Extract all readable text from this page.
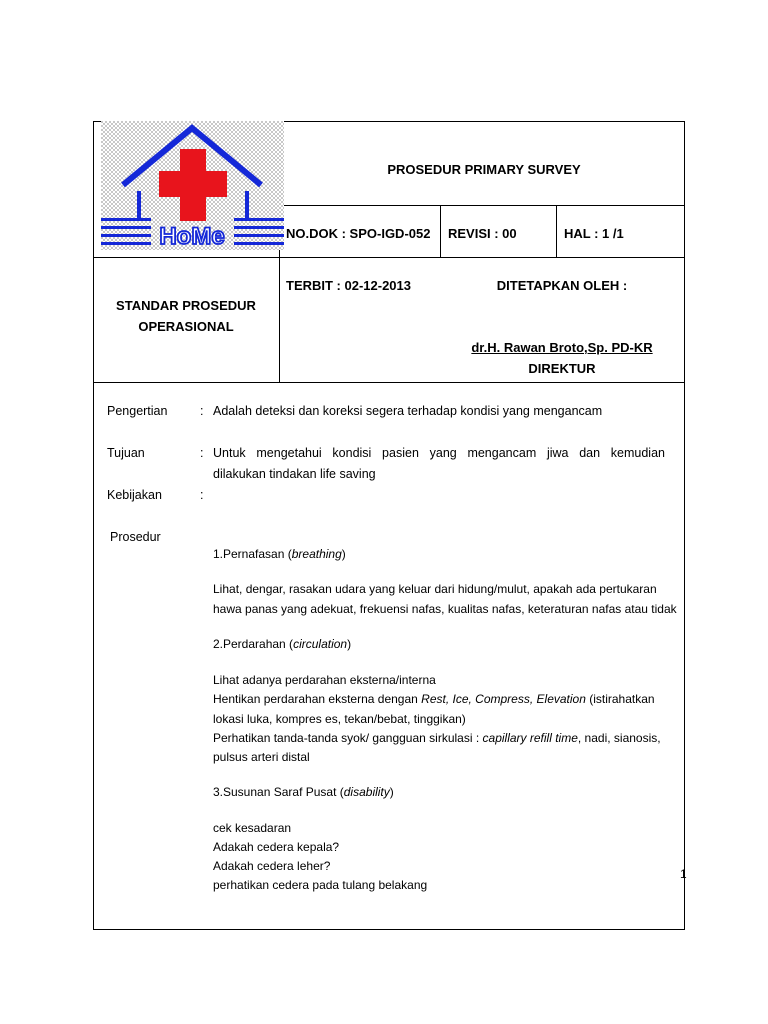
HoMe
PROSEDUR PRIMARY SURVEY
NO.DOK : SPO-IGD-052 REVISI : 00	HAL : 1 /1
STANDAR PROSEDUR
OPERASIONAL
TERBIT : 02-12-2013	DITETAPKAN OLEH :
dr.H. Rawan Broto,Sp. PD-KR
DIREKTUR
Pengertian	: Adalah deteksi dan koreksi segera terhadap kondisi yang mengancam
Tujuan	: Untuk mengetahui kondisi pasien yang mengancam jiwa dan kemudian
dilakukan tindakan life saving
Kebijakan	:
Prosedur
1.Pernafasan (breathing)
Lihat, dengar, rasakan udara yang keluar dari hidung/mulut, apakah ada pertukaran
hawa panas yang adekuat, frekuensi nafas, kualitas nafas, keteraturan nafas atau tidak
2.Perdarahan (circulation)
Lihat adanya perdarahan eksterna/interna
Hentikan perdarahan eksterna dengan Rest, Ice, Compress, Elevation (istirahatkan
lokasi luka, kompres es, tekan/bebat, tinggikan)
Perhatikan tanda-tanda syok/ gangguan sirkulasi : capillary refill time, nadi, sianosis,
pulsus arteri distal
3.Susunan Saraf Pusat (disability)
cek kesadaran
Adakah cedera kepala?
Adakah cedera leher?
perhatikan cedera pada tulang belakang
1
